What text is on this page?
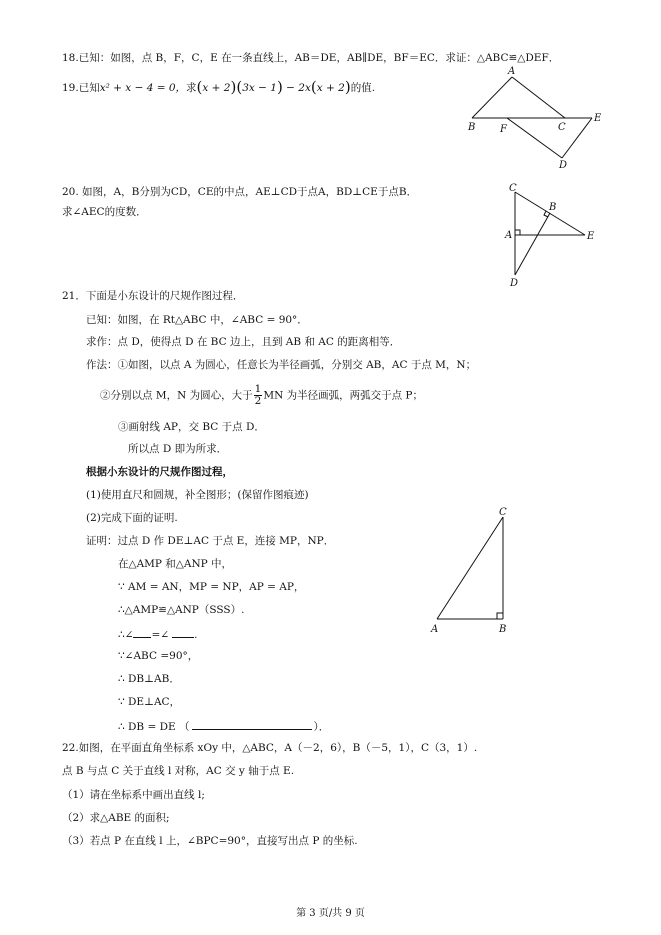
18.已知：如图，点 B，F，C，E 在一条直线上，AB＝DE，AB∥DE，BF＝EC．求证：△ABC≌△DEF．
19.已知x² + x − 4 = 0，求(x + 2)(3x − 1) − 2x(x + 2)的值.
A
B F	C
E
D
20. 如图，A，B分别为CD，CE的中点，AE⊥CD于点A，BD⊥CE于点B．
求∠AEC的度数．
C
B
A	E
D
21．下面是小东设计的尺规作图过程．
已知：如图，在 Rt△ABC 中，∠ABC = 90°．
求作：点 D，使得点 D 在 BC 边上，且到 AB 和 AC 的距离相等．
作法：①如图，以点 A 为圆心，任意长为半径画弧，分别交 AB，AC 于点 M，N；
②分别以点 M，N 为圆心，大于 $\frac{1}{2}$ MN 为半径画弧，两弧交于点 P；
③画射线 AP，交 BC 于点 D．
所以点 D 即为所求．
根据小东设计的尺规作图过程，
(1)使用直尺和圆规，补全图形；(保留作图痕迹)
(2)完成下面的证明.
证明：过点 D 作 DE⊥AC 于点 E，连接 MP，NP．
在△AMP 和△ANP 中，
∵ AM = AN，MP = NP，AP = AP，
∴△AMP≌△ANP（SSS）.
∴∠ =∠ .
∵∠ABC =90°，
∴ DB⊥AB．
∵ DE⊥AC，
∴ DB = DE （	）．
C
A	B
22.如图，在平面直角坐标系 xOy 中，△ABC，A（－2，6），B（－5，1），C（3，1）.
点 B 与点 C 关于直线 l 对称，AC 交 y 轴于点 E.
（1）请在坐标系中画出直线 l;
（2）求△ABE 的面积;
（3）若点 P 在直线 l 上，∠BPC=90°，直接写出点 P 的坐标.
第 3 页/共 9 页
